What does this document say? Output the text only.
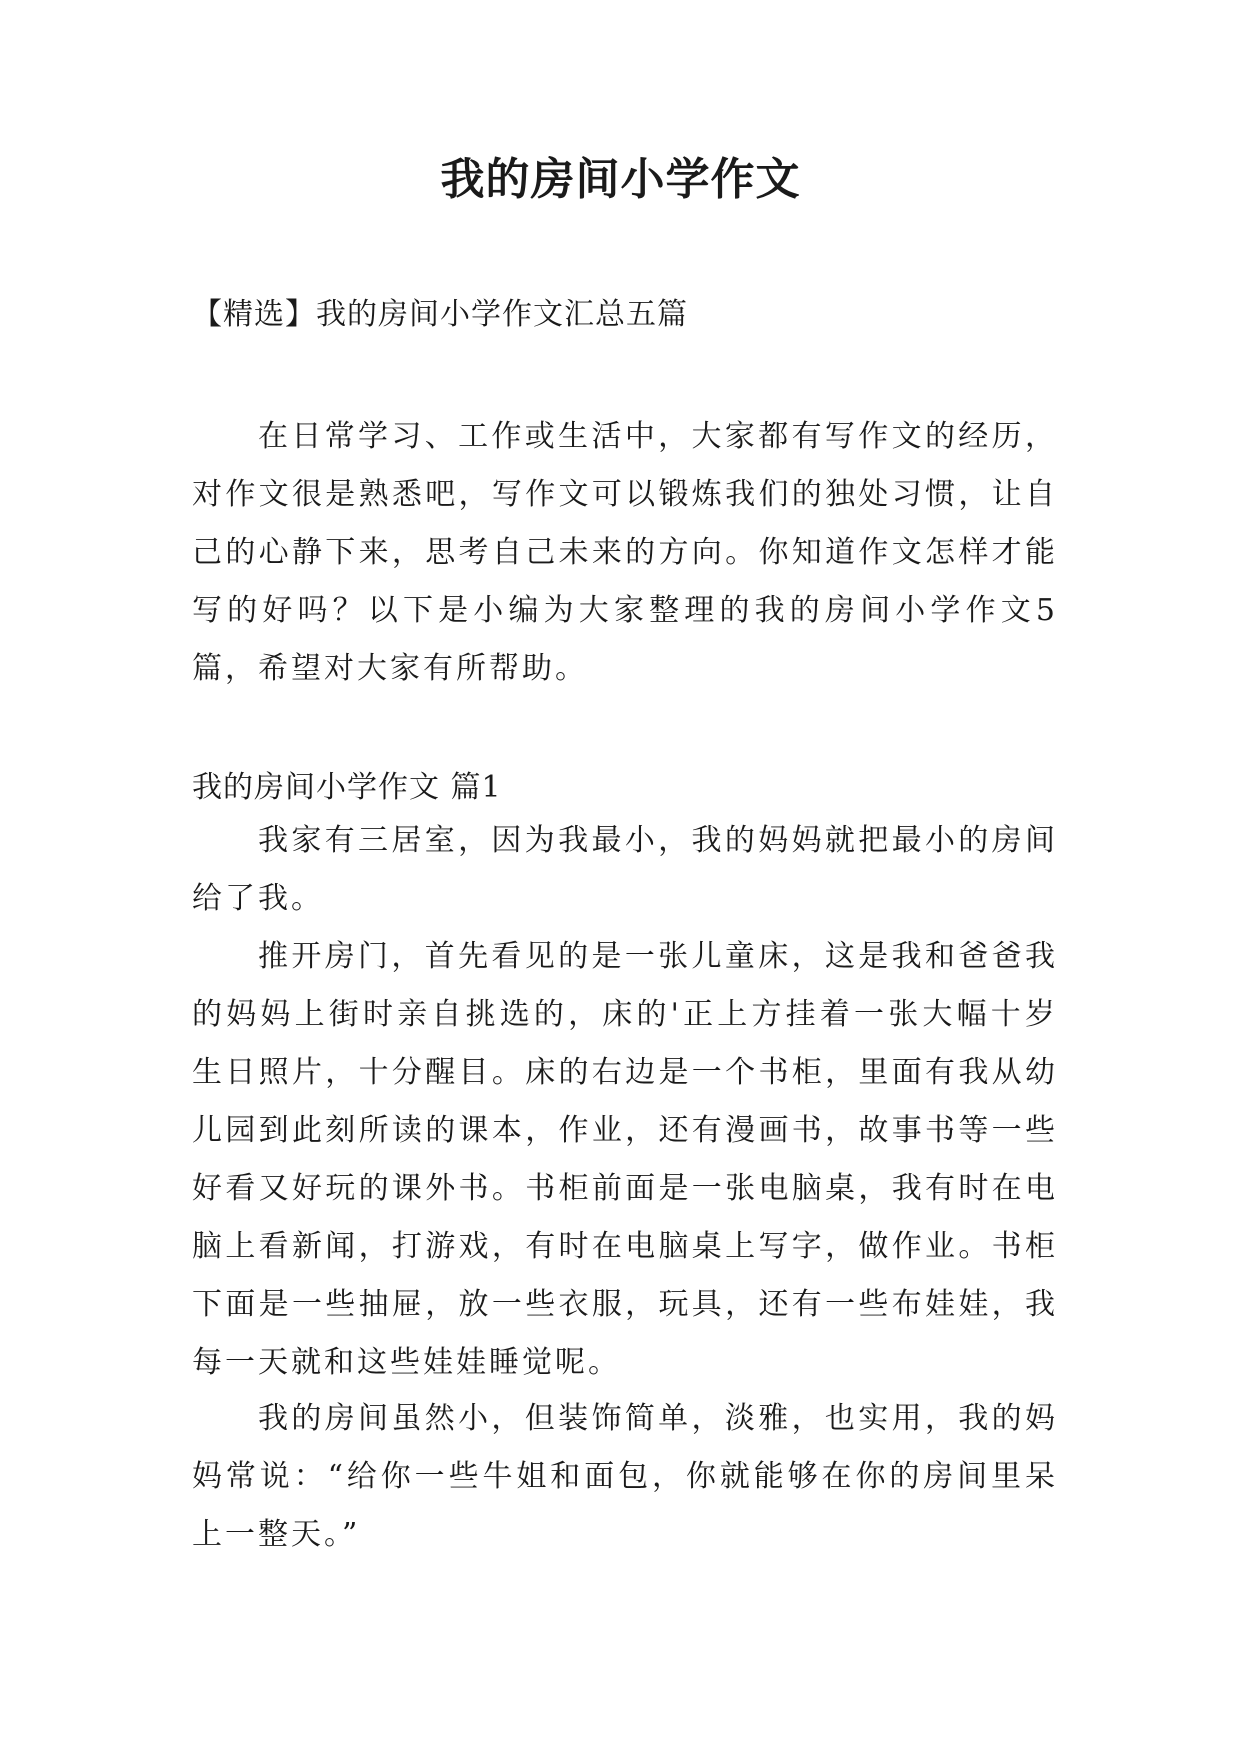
我的房间小学作文
【精选】我的房间小学作文汇总五篇

在日常学习、工作或生活中，大家都有写作文的经历，对作文很是熟悉吧，写作文可以锻炼我们的独处习惯，让自己的心静下来，思考自己未来的方向。你知道作文怎样才能写的好吗？以下是小编为大家整理的我的房间小学作文5篇，希望对大家有所帮助。

我的房间小学作文 篇1

我家有三居室，因为我最小，我的妈妈就把最小的房间给了我。

推开房门，首先看见的是一张儿童床，这是我和爸爸我的妈妈上街时亲自挑选的，床的'正上方挂着一张大幅十岁生日照片，十分醒目。床的右边是一个书柜，里面有我从幼儿园到此刻所读的课本，作业，还有漫画书，故事书等一些好看又好玩的课外书。书柜前面是一张电脑桌，我有时在电脑上看新闻，打游戏，有时在电脑桌上写字，做作业。书柜下面是一些抽屉，放一些衣服，玩具，还有一些布娃娃，我每一天就和这些娃娃睡觉呢。

我的房间虽然小，但装饰简单，淡雅，也实用，我的妈妈常说：“给你一些牛姐和面包，你就能够在你的房间里呆上一整天。”
